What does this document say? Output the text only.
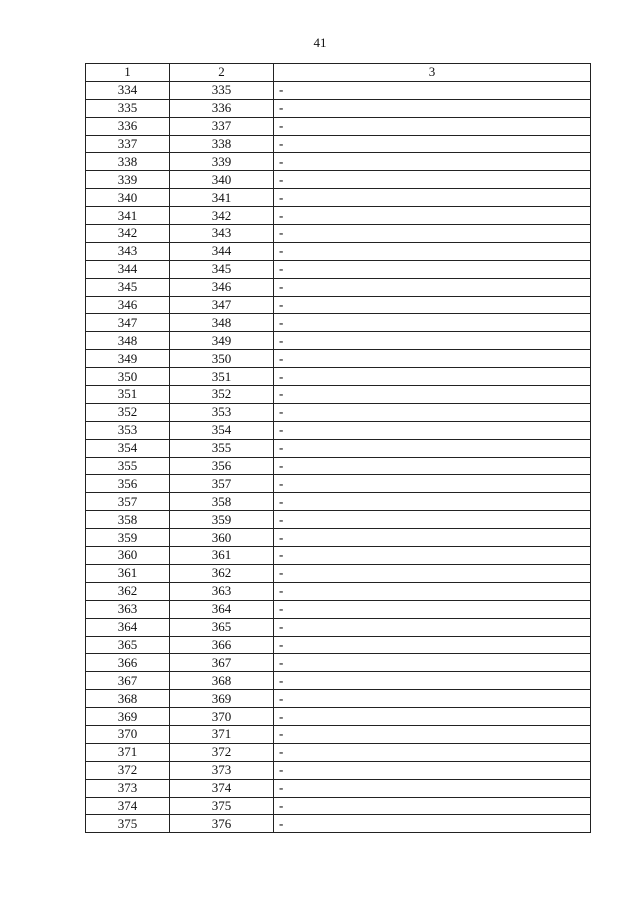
41
1	2	3
334	335	-
335	336	-
336	337	-
337	338	-
338	339	-
339	340	-
340	341	-
341	342	-
342	343	-
343	344	-
344	345	-
345	346	-
346	347	-
347	348	-
348	349	-
349	350	-
350	351	-
351	352	-
352	353	-
353	354	-
354	355	-
355	356	-
356	357	-
357	358	-
358	359	-
359	360	-
360	361	-
361	362	-
362	363	-
363	364	-
364	365	-
365	366	-
366	367	-
367	368	-
368	369	-
369	370	-
370	371	-
371	372	-
372	373	-
373	374	-
374	375	-
375	376	-
